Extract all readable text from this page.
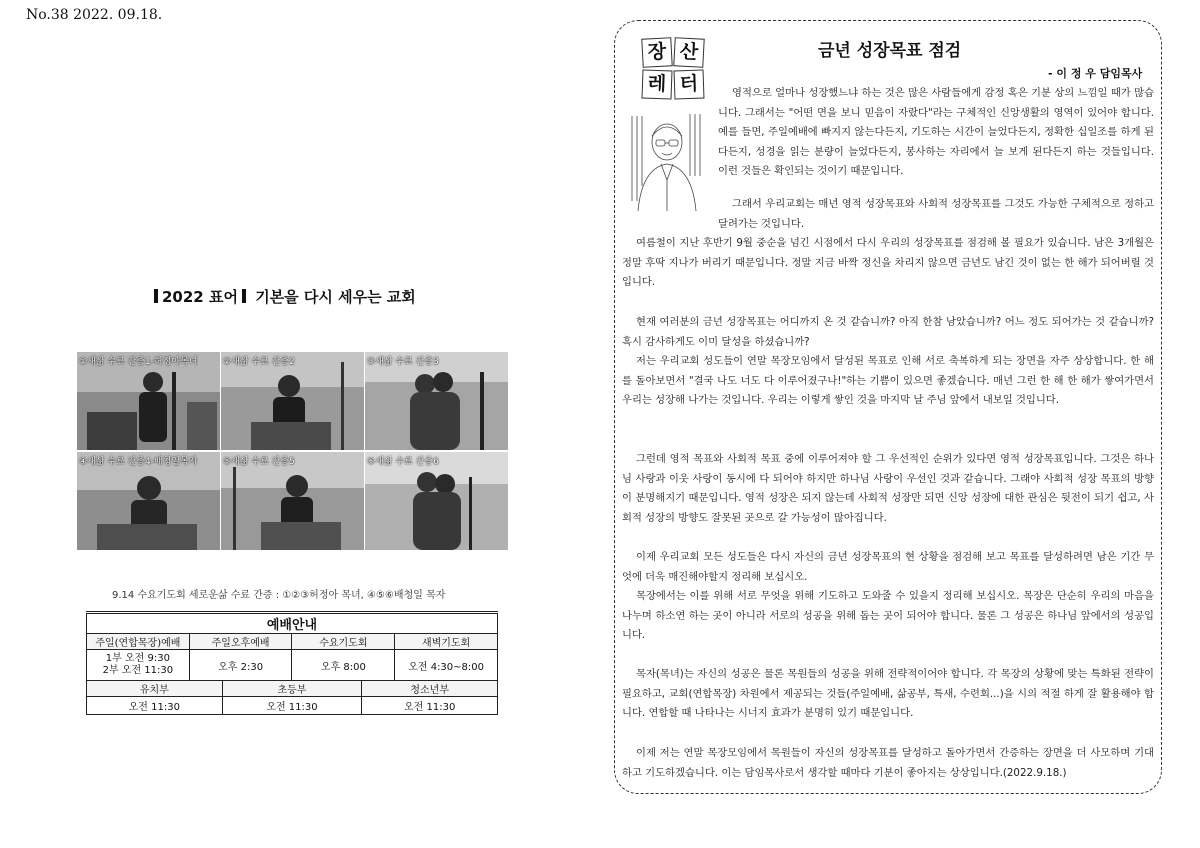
No.38 2022. 09.18.
2022 표어 기본을 다시 세우는 교회
①새삶 수료 간증1-허정아목녀	②새삶 수료 간증2	③새삶 수료 간증3
④새삶 수료 간증4-배청일목자	⑤새삶 수료 간증5	⑥새삶 수료 간증6
9.14 수요기도회 세로운삶 수료 간증 : ①②③허정아 목녀, ④⑤⑥배청일 목자
예배안내					
주일(연합목장)예배	주일오후예배		수요기도회		새벽기도회
1부 오전 9:30
2부 오전 11:30	오후 2:30		오후 8:00		오전 4:30~8:00
유치부		초등부		청소년부	
오전 11:30		오전 11:30		오전 11:30	
장 산
레 터
금년 성장목표 점검
- 이 정 우 담임목사

영적으로 얼마나 성장했느냐 하는 것은 많은 사람들에게 감정 혹은 기분 상의 느낌일 때가 많습니다. 그래서는 "어떤 면을 보니 믿음이 자랐다"라는 구체적인 신앙생활의 영역이 있어야 합니다. 예를 들면, 주일예배에 빠지지 않는다든지, 기도하는 시간이 늘었다든지, 정확한 십일조를 하게 된다든지, 성경을 읽는 분량이 늘었다든지, 봉사하는 자리에서 늘 보게 된다든지 하는 것들입니다. 이런 것들은 확인되는 것이기 때문입니다.

그래서 우리교회는 매년 영적 성장목표와 사회적 성장목표를 그것도 가능한 구체적으로 정하고 달려가는 것입니다.

여름철이 지난 후반기 9월 중순을 넘긴 시점에서 다시 우리의 성장목표를 점검해 볼 필요가 있습니다. 남은 3개월은 정말 후딱 지나가 버리기 때문입니다. 정말 지금 바짝 정신을 차리지 않으면 금년도 남긴 것이 없는 한 해가 되어버릴 것입니다.

현재 여러분의 금년 성장목표는 어디까지 온 것 같습니까? 아직 한참 남았습니까? 어느 정도 되어가는 것 같습니까? 혹시 감사하게도 이미 달성을 하셨습니까?

저는 우리교회 성도들이 연말 목장모임에서 달성된 목표로 인해 서로 축복하게 되는 장면을 자주 상상합니다. 한 해를 돌아보면서 "결국 나도 너도 다 이루어졌구나!"하는 기쁨이 있으면 좋겠습니다. 매년 그런 한 해 한 해가 쌓여가면서 우리는 성장해 나가는 것입니다. 우리는 이렇게 쌓인 것을 마지막 날 주님 앞에서 내보일 것입니다.

그런데 영적 목표와 사회적 목표 중에 이루어져야 할 그 우선적인 순위가 있다면 영적 성장목표입니다. 그것은 하나님 사랑과 이웃 사랑이 동시에 다 되어야 하지만 하나님 사랑이 우선인 것과 같습니다. 그래야 사회적 성장 목표의 방향이 분명해지기 때문입니다. 영적 성장은 되지 않는데 사회적 성장만 되면 신앙 성장에 대한 관심은 뒷전이 되기 쉽고, 사회적 성장의 방향도 잘못된 곳으로 갈 가능성이 많아집니다.

이제 우리교회 모든 성도들은 다시 자신의 금년 성장목표의 현 상황을 점검해 보고 목표를 달성하려면 남은 기간 무엇에 더욱 매진해야할지 정리해 보십시오.

목장에서는 이를 위해 서로 무엇을 위해 기도하고 도와줄 수 있을지 정리해 보십시오. 목장은 단순히 우리의 마음을 나누며 하소연 하는 곳이 아니라 서로의 성공을 위해 돕는 곳이 되어야 합니다. 물론 그 성공은 하나님 앞에서의 성공입니다.

목자(목녀)는 자신의 성공은 물론 목원들의 성공을 위해 전략적이어야 합니다. 각 목장의 상황에 맞는 특화된 전략이 필요하고, 교회(연합목장) 차원에서 제공되는 것들(주일예배, 삶공부, 특새, 수련회...)을 시의 적절 하게 잘 활용해야 합니다. 연합할 때 나타나는 시너지 효과가 분명히 있기 때문입니다.

이제 저는 연말 목장모임에서 목원들이 자신의 성장목표를 달성하고 돌아가면서 간증하는 장면을 더 사모하며 기대하고 기도하겠습니다. 이는 담임목사로서 생각할 때마다 기분이 좋아지는 상상입니다.(2022.9.18.)
